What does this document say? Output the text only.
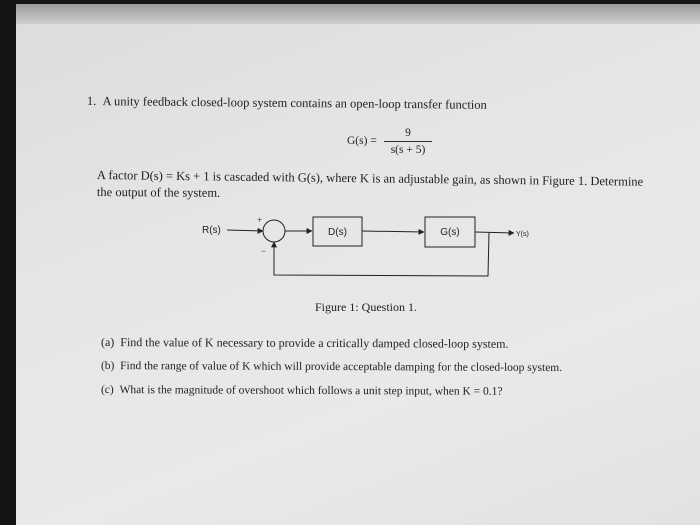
1. A unity feedback closed-loop system contains an open-loop transfer function
G(s) =
9
s(s + 5)
A factor D(s) = Ks + 1 is cascaded with G(s), where K is an adjustable gain, as shown in Figure 1. Determine
the output of the system.
R(s)
+
D(s)	G(s)	Y(s)
−
Figure 1: Question 1.
(a) Find the value of K necessary to provide a critically damped closed-loop system.
(b) Find the range of value of K which will provide acceptable damping for the closed-loop system.
(c) What is the magnitude of overshoot which follows a unit step input, when K = 0.1?
